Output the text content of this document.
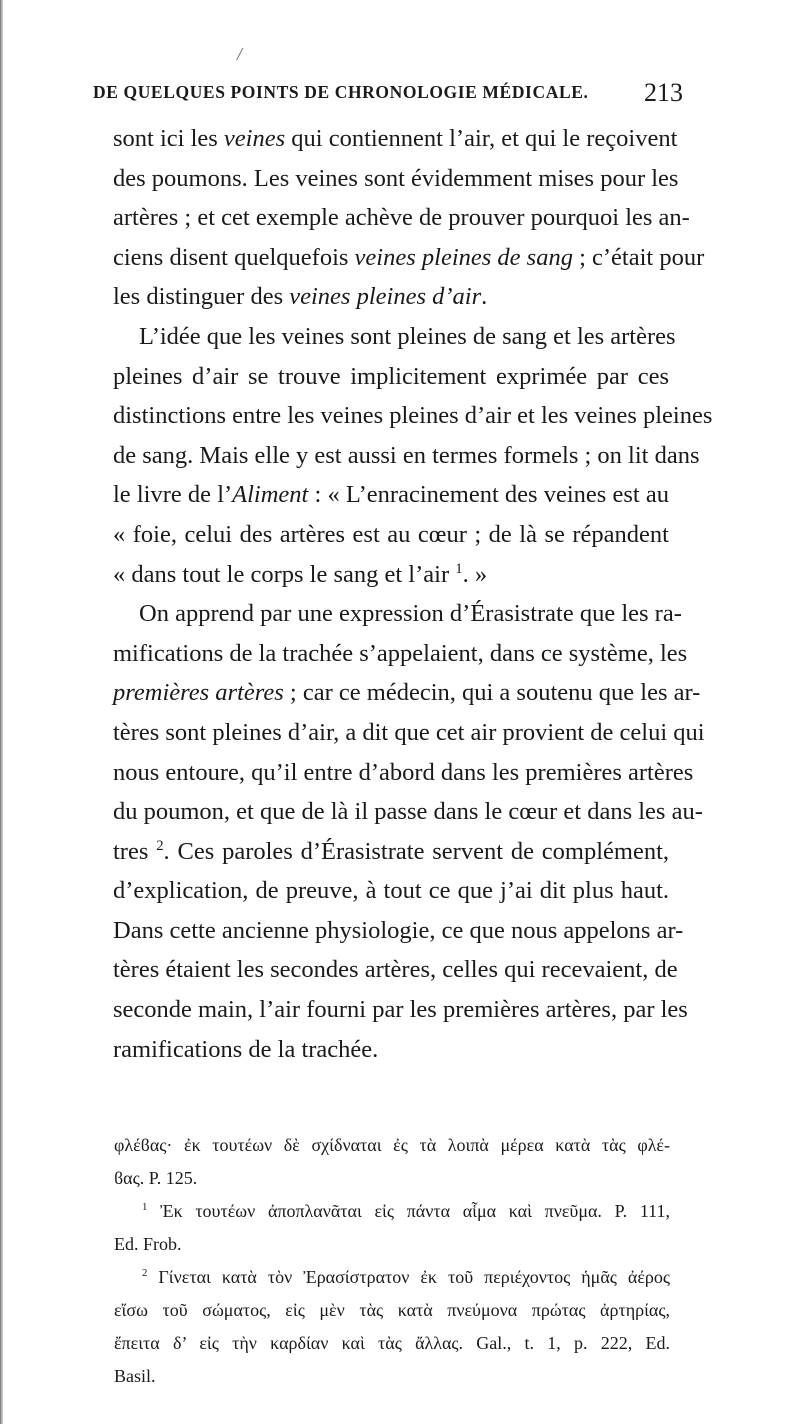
/
DE QUELQUES POINTS DE CHRONOLOGIE MÉDICALE. 213
sont ici les veines qui contiennent l’air, et qui le reçoivent
des poumons. Les veines sont évidemment mises pour les
artères ; et cet exemple achève de prouver pourquoi les an-
ciens disent quelquefois veines pleines de sang ; c’était pour
les distinguer des veines pleines d’air.
L’idée que les veines sont pleines de sang et les artères
pleines d’air se trouve implicitement exprimée par ces
distinctions entre les veines pleines d’air et les veines pleines
de sang. Mais elle y est aussi en termes formels ; on lit dans
le livre de l’Aliment : « L’enracinement des veines est au
« foie, celui des artères est au cœur ; de là se répandent
« dans tout le corps le sang et l’air $^1$. »
On apprend par une expression d’Érasistrate que les ra-
mifications de la trachée s’appelaient, dans ce système, les
premières artères ; car ce médecin, qui a soutenu que les ar-
tères sont pleines d’air, a dit que cet air provient de celui qui
nous entoure, qu’il entre d’abord dans les premières artères
du poumon, et que de là il passe dans le cœur et dans les au-
tres $^2$. Ces paroles d’Érasistrate servent de complément,
d’explication, de preuve, à tout ce que j’ai dit plus haut.
Dans cette ancienne physiologie, ce que nous appelons ar-
tères étaient les secondes artères, celles qui recevaient, de
seconde main, l’air fourni par les premières artères, par les
ramifications de la trachée.
φλέϐας· ἐκ τουτέων δὲ σχίδναται ἐς τὰ λοιπὰ μέρεα κατὰ τὰς φλέ-
ϐας. P. 125.
$^1$ Ἐκ τουτέων ἀποπλανᾶται εἰς πάντα αἷμα καὶ πνεῦμα. P. 111,
Ed. Frob.
$^2$ Γίνεται κατὰ τὸν Ἐρασίστρατον ἐκ τοῦ περιέχοντος ἡμᾶς ἀέρος
εἴσω τοῦ σώματος, εἰς μὲν τὰς κατὰ πνεύμονα πρώτας ἀρτηρίας,
ἔπειτα δ’ εἰς τὴν καρδίαν καὶ τὰς ἄλλας. Gal., t. 1, p. 222, Ed.
Basil.
